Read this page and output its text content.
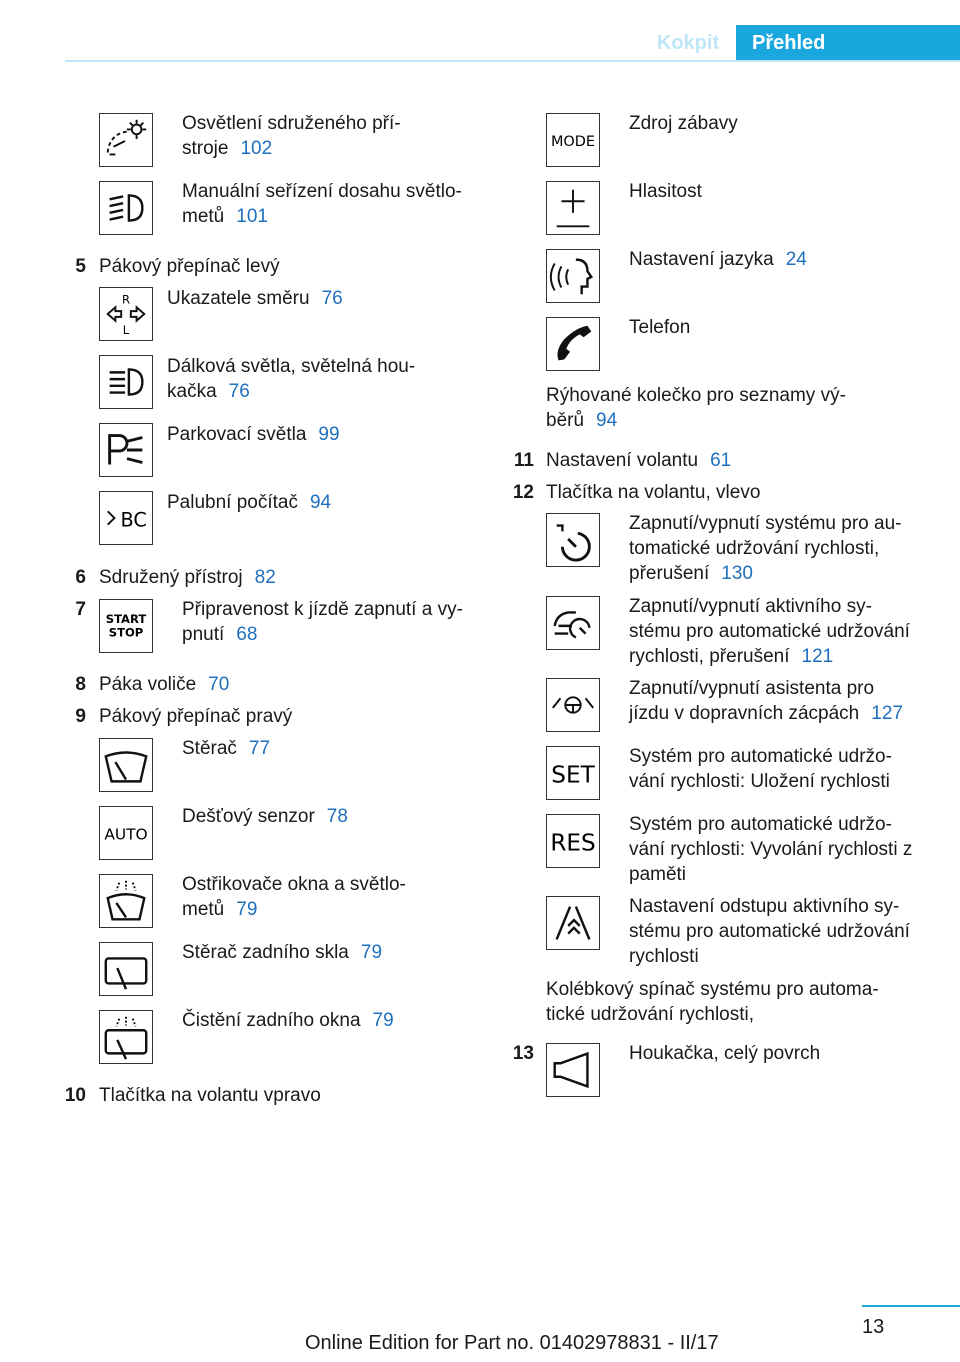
Kokpit	Přehled
Osvětlení sdruženého pří-
stroje 102
Manuální seřízení dosahu světlo-
metů 101
5 Pákový přepínač levý
R
L
Ukazatele směru 76
Dálková světla, světelná hou-
kačka 76
Parkovací světla 99
BC
Palubní počítač 94
6 Sdružený přístroj 82
7 START
STOP
Připravenost k jízdě zapnutí a vy-
pnutí 68
8 Páka voliče 70
9 Pákový přepínač pravý
Stěrač 77
AUTO
Dešťový senzor 78
Ostřikovače okna a světlo-
metů 79
Stěrač zadního skla 79
Čistění zadního okna 79
10 Tlačítka na volantu vpravo
MODE
Zdroj zábavy
Hlasitost
Nastavení jazyka 24
Telefon
Rýhované kolečko pro seznamy vý-
běrů 94
11 Nastavení volantu 61
12 Tlačítka na volantu, vlevo
Zapnutí/vypnutí systému pro au-
tomatické udržování rychlosti,
přerušení 130
Zapnutí/vypnutí aktivního sy-
stému pro automatické udržování
rychlosti, přerušení 121
Zapnutí/vypnutí asistenta pro
jízdu v dopravních zácpách 127
SET
Systém pro automatické udržo-
vání rychlosti: Uložení rychlosti
RES
Systém pro automatické udržo-
vání rychlosti: Vyvolání rychlosti z
paměti
Nastavení odstupu aktivního sy-
stému pro automatické udržování
rychlosti
Kolébkový spínač systému pro automa-
tické udržování rychlosti,
13	Houkačka, celý povrch
13
Online Edition for Part no. 01402978831 - II/17
